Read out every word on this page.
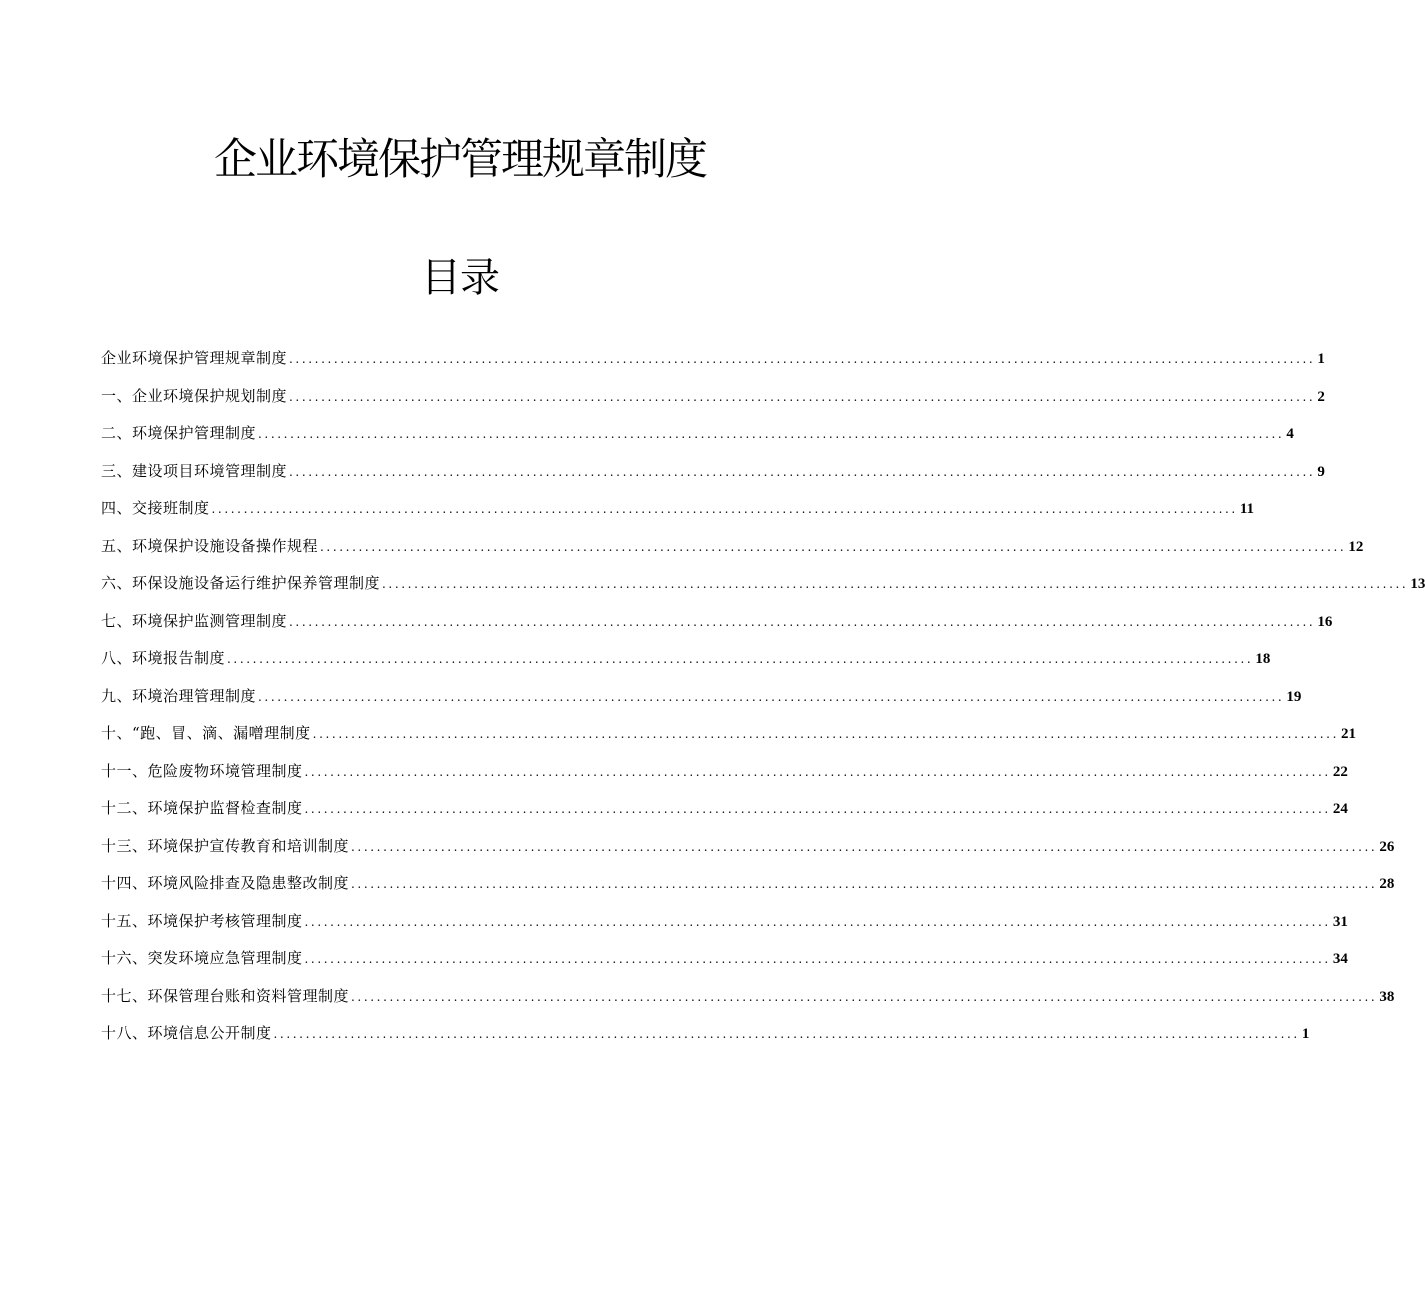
企业环境保护管理规章制度
目录
企业环境保护管理规章制度 ................................................................................................................................................................ 1
一、企业环境保护规划制度 ................................................................................................................................................................ 2
二、环境保护管理制度 ................................................................................................................................................................ 4
三、建设项目环境管理制度 ................................................................................................................................................................ 9
四、交接班制度 ................................................................................................................................................................ 11
五、环境保护设施设备操作规程 ................................................................................................................................................................ 12
六、环保设施设备运行维护保养管理制度 ................................................................................................................................................................ 13
七、环境保护监测管理制度 ................................................................................................................................................................ 16
八、环境报告制度 ................................................................................................................................................................ 18
九、环境治理管理制度 ................................................................................................................................................................ 19
十、“跑、冒、滴、漏噌理制度 ................................................................................................................................................................ 21
十一、危险废物环境管理制度 ................................................................................................................................................................ 22
十二、环境保护监督检查制度 ................................................................................................................................................................ 24
十三、环境保护宣传教育和培训制度 ................................................................................................................................................................ 26
十四、环境风险排查及隐患整改制度 ................................................................................................................................................................ 28
十五、环境保护考核管理制度 ................................................................................................................................................................ 31
十六、突发环境应急管理制度 ................................................................................................................................................................ 34
十七、环保管理台账和资料管理制度 ................................................................................................................................................................ 38
十八、环境信息公开制度 ................................................................................................................................................................ 1
